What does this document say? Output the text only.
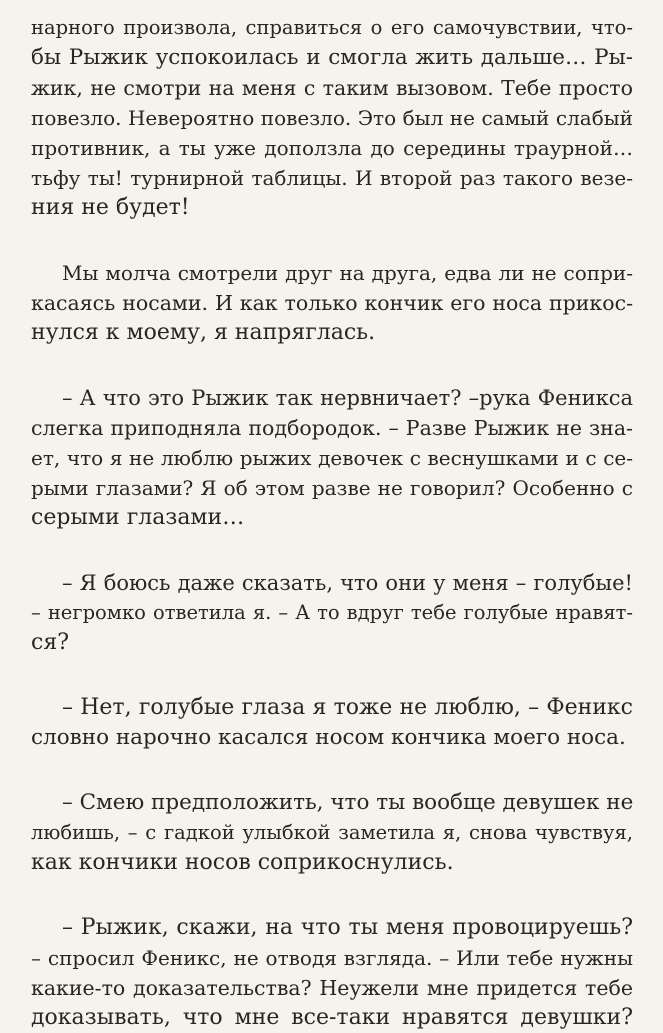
нарного произвола, справиться о его самочувствии, что-
бы Рыжик успокоилась и смогла жить дальше… Ры-
жик, не смотри на меня с таким вызовом. Тебе просто
повезло. Невероятно повезло. Это был не самый слабый
противник, а ты уже доползла до середины траурной…
тьфу ты! турнирной таблицы. И второй раз такого везе-
ния не будет!
Мы молча смотрели друг на друга, едва ли не сопри-
касаясь носами. И как только кончик его носа прикос-
нулся к моему, я напряглась.
– А что это Рыжик так нервничает? –рука Феникса
слегка приподняла подбородок. – Разве Рыжик не зна-
ет, что я не люблю рыжих девочек с веснушками и с се-
рыми глазами? Я об этом разве не говорил? Особенно с
серыми глазами…
– Я боюсь даже сказать, что они у меня – голубые!
– негромко ответила я. – А то вдруг тебе голубые нравят-
ся?
– Нет, голубые глаза я тоже не люблю, – Феникс
словно нарочно касался носом кончика моего носа.
– Смею предположить, что ты вообще девушек не
любишь, – с гадкой улыбкой заметила я, снова чувствуя,
как кончики носов соприкоснулись.
– Рыжик, скажи, на что ты меня провоцируешь?
– спросил Феникс, не отводя взгляда. – Или тебе нужны
какие-то доказательства? Неужели мне придется тебе
доказывать, что мне все-таки нравятся девушки?
